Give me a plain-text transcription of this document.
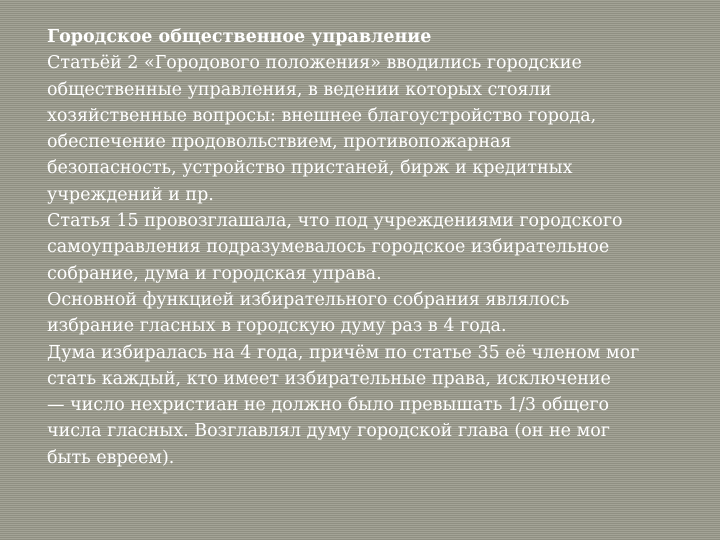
Городское общественное управление
Статьёй 2 «Городового положения» вводились городские
общественные управления, в ведении которых стояли
хозяйственные вопросы: внешнее благоустройство города,
обеспечение продовольствием, противопожарная
безопасность, устройство пристаней, бирж и кредитных
учреждений и пр.
Статья 15 провозглашала, что под учреждениями городского
самоуправления подразумевалось городское избирательное
собрание, дума и городская управа.
Основной функцией избирательного собрания являлось
избрание гласных в городскую думу раз в 4 года.
Дума избиралась на 4 года, причём по статье 35 её членом мог
стать каждый, кто имеет избирательные права, исключение
— число нехристиан не должно было превышать 1/3 общего
числа гласных. Возглавлял думу городской глава (он не мог
быть евреем).
